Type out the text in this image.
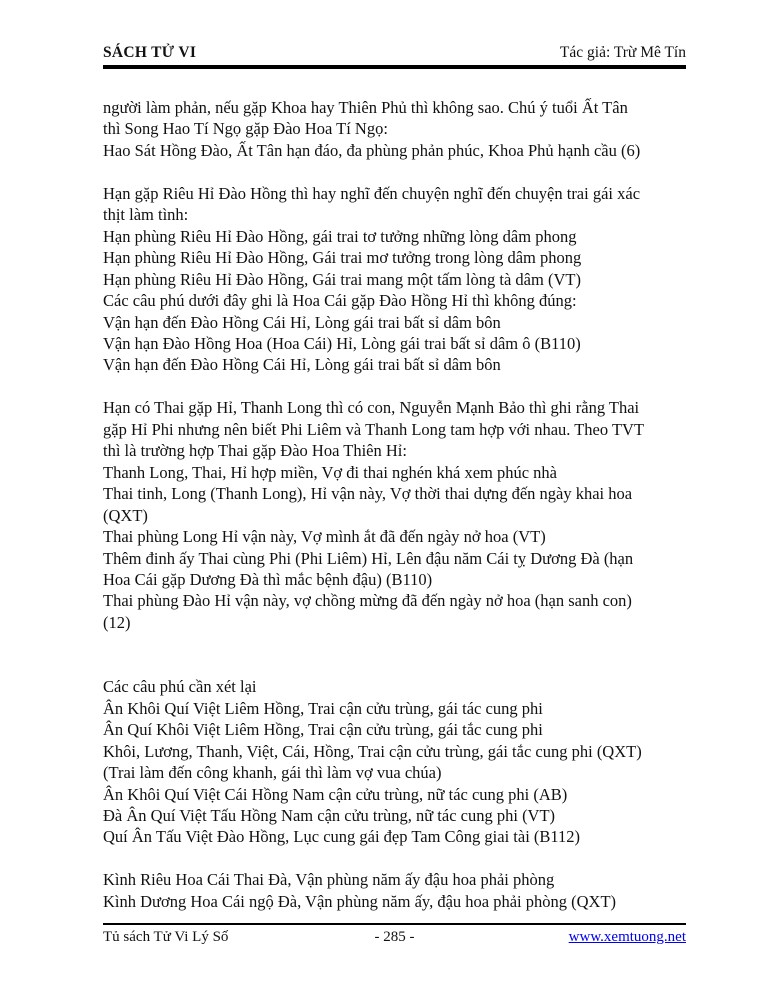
SÁCH TỬ VI	Tác giả: Trừ Mê Tín
người làm phản, nếu gặp Khoa hay Thiên Phủ thì không sao. Chú ý tuổi Ất Tân
thì Song Hao Tí Ngọ gặp Đào Hoa Tí Ngọ:
Hao Sát Hồng Đào, Ất Tân hạn đáo, đa phùng phản phúc, Khoa Phủ hạnh cầu (6)

Hạn gặp Riêu Hỉ Đào Hồng thì hay nghĩ đến chuyện nghĩ đến chuyện trai gái xác
thịt làm tình:
Hạn phùng Riêu Hỉ Đào Hồng, gái trai tơ tưởng những lòng dâm phong
Hạn phùng Riêu Hỉ Đào Hồng, Gái trai mơ tưởng trong lòng dâm phong
Hạn phùng Riêu Hỉ Đào Hồng, Gái trai mang một tấm lòng tà dâm (VT)
Các câu phú dưới đây ghi là Hoa Cái gặp Đào Hồng Hỉ thì không đúng:
Vận hạn đến Đào Hồng Cái Hỉ, Lòng gái trai bất sỉ dâm bôn
Vận hạn Đào Hồng Hoa (Hoa Cái) Hỉ, Lòng gái trai bất sỉ dâm ô (B110)
Vận hạn đến Đào Hồng Cái Hỉ, Lòng gái trai bất sỉ dâm bôn

Hạn có Thai gặp Hỉ, Thanh Long thì có con, Nguyễn Mạnh Bảo thì ghi rằng Thai
gặp Hỉ Phi nhưng nên biết Phi Liêm và Thanh Long tam hợp với nhau. Theo TVT
thì là trường hợp Thai gặp Đào Hoa Thiên Hỉ:
Thanh Long, Thai, Hỉ hợp miền, Vợ đi thai nghén khá xem phúc nhà
Thai tinh, Long (Thanh Long), Hỉ vận này, Vợ thời thai dựng đến ngày khai hoa
(QXT)
Thai phùng Long Hỉ vận này, Vợ mình ắt đã đến ngày nở hoa (VT)
Thêm đinh ấy Thai cùng Phi (Phi Liêm) Hỉ, Lên đậu năm Cái tỵ Dương Đà (hạn
Hoa Cái gặp Dương Đà thì mắc bệnh đậu) (B110)
Thai phùng Đào Hỉ vận này, vợ chồng mừng đã đến ngày nở hoa (hạn sanh con)
(12)

Các câu phú cần xét lại
Ân Khôi Quí Việt Liêm Hồng, Trai cận cửu trùng, gái tác cung phi
Ân Quí Khôi Việt Liêm Hồng, Trai cận cửu trùng, gái tắc cung phi
Khôi, Lương, Thanh, Việt, Cái, Hồng, Trai cận cửu trùng, gái tắc cung phi (QXT)
(Trai làm đến công khanh, gái thì làm vợ vua chúa)
Ân Khôi Quí Việt Cái Hồng Nam cận cửu trùng, nữ tác cung phi (AB)
Đà Ân Quí Việt Tấu Hồng Nam cận cửu trùng, nữ tác cung phi (VT)
Quí Ân Tấu Việt Đào Hồng, Lục cung gái đẹp Tam Công giai tài (B112)

Kình Riêu Hoa Cái Thai Đà, Vận phùng năm ấy đậu hoa phải phòng
Kình Dương Hoa Cái ngộ Đà, Vận phùng năm ấy, đậu hoa phải phòng (QXT)
Tủ sách Tử Vi Lý Số	- 285 -	www.xemtuong.net
